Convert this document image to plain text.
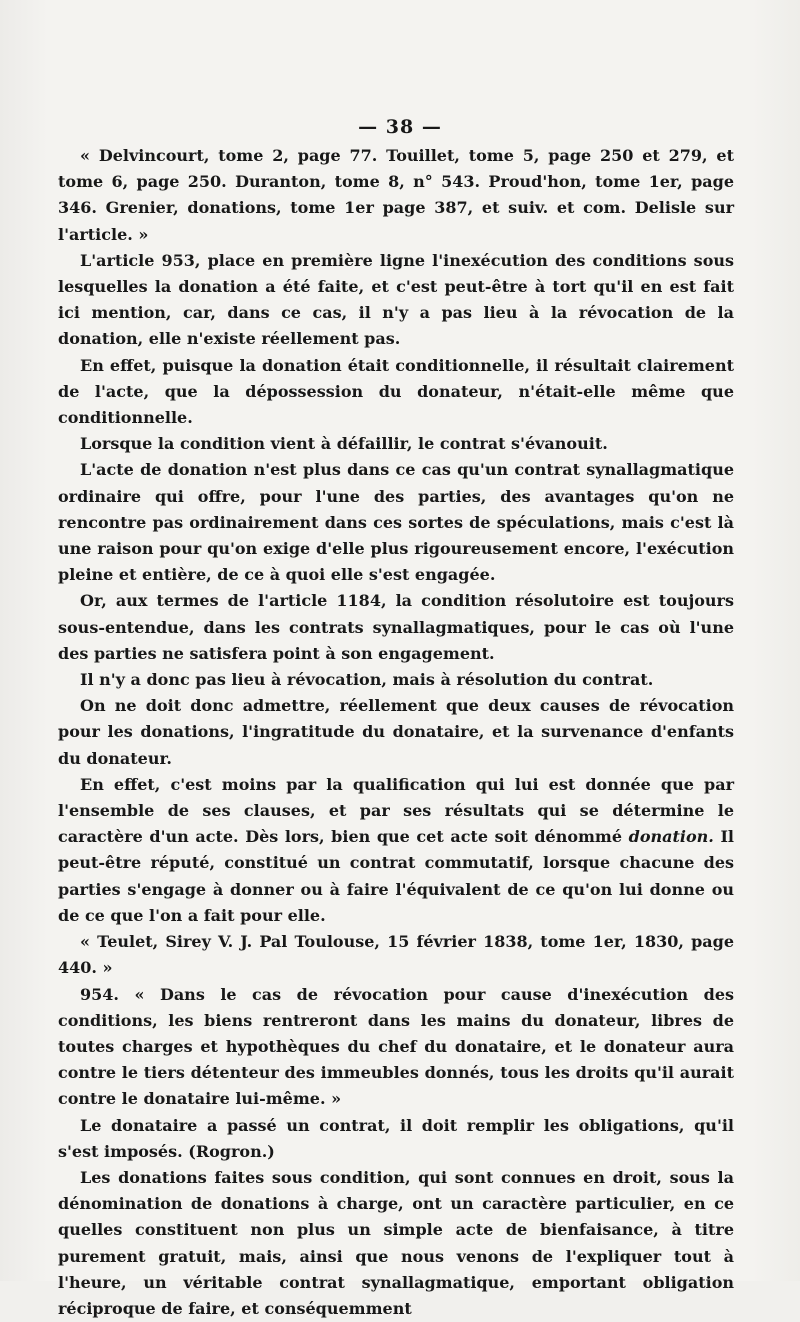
— 38 —

« Delvincourt, tome 2, page 77. Touillet, tome 5, page 250 et 279, et tome 6, page 250. Duranton, tome 8, n° 543. Proud'hon, tome 1er, page 346. Grenier, donations, tome 1er page 387, et suiv. et com. Delisle sur l'article. »

L'article 953, place en première ligne l'inexécution des conditions sous lesquelles la donation a été faite, et c'est peut-être à tort qu'il en est fait ici mention, car, dans ce cas, il n'y a pas lieu à la révocation de la donation, elle n'existe réellement pas.

En effet, puisque la donation était conditionnelle, il résultait clairement de l'acte, que la dépossession du donateur, n'était-elle même que conditionnelle.

Lorsque la condition vient à défaillir, le contrat s'évanouit.

L'acte de donation n'est plus dans ce cas qu'un contrat synallagmatique ordinaire qui offre, pour l'une des parties, des avantages qu'on ne rencontre pas ordinairement dans ces sortes de spéculations, mais c'est là une raison pour qu'on exige d'elle plus rigoureusement encore, l'exécution pleine et entière, de ce à quoi elle s'est engagée.

Or, aux termes de l'article 1184, la condition résolutoire est toujours sous-entendue, dans les contrats synallagmatiques, pour le cas où l'une des parties ne satisfera point à son engagement.

Il n'y a donc pas lieu à révocation, mais à résolution du contrat.

On ne doit donc admettre, réellement que deux causes de révocation pour les donations, l'ingratitude du donataire, et la survenance d'enfants du donateur.

En effet, c'est moins par la qualification qui lui est donnée que par l'ensemble de ses clauses, et par ses résultats qui se détermine le caractère d'un acte. Dès lors, bien que cet acte soit dénommé donation. Il peut-être réputé, constitué un contrat commutatif, lorsque chacune des parties s'engage à donner ou à faire l'équivalent de ce qu'on lui donne ou de ce que l'on a fait pour elle.

« Teulet, Sirey V. J. Pal Toulouse, 15 février 1838, tome 1er, 1830, page 440. »

954. « Dans le cas de révocation pour cause d'inexécution des conditions, les biens rentreront dans les mains du donateur, libres de toutes charges et hypothèques du chef du donataire, et le donateur aura contre le tiers détenteur des immeubles donnés, tous les droits qu'il aurait contre le donataire lui-même. »

Le donataire a passé un contrat, il doit remplir les obligations, qu'il s'est imposés. (Rogron.)

Les donations faites sous condition, qui sont connues en droit, sous la dénomination de donations à charge, ont un caractère particulier, en ce quelles constituent non plus un simple acte de bienfaisance, à titre purement gratuit, mais, ainsi que nous venons de l'expliquer tout à l'heure, un véritable contrat synallagmatique, emportant obligation réciproque de faire, et conséquemment
